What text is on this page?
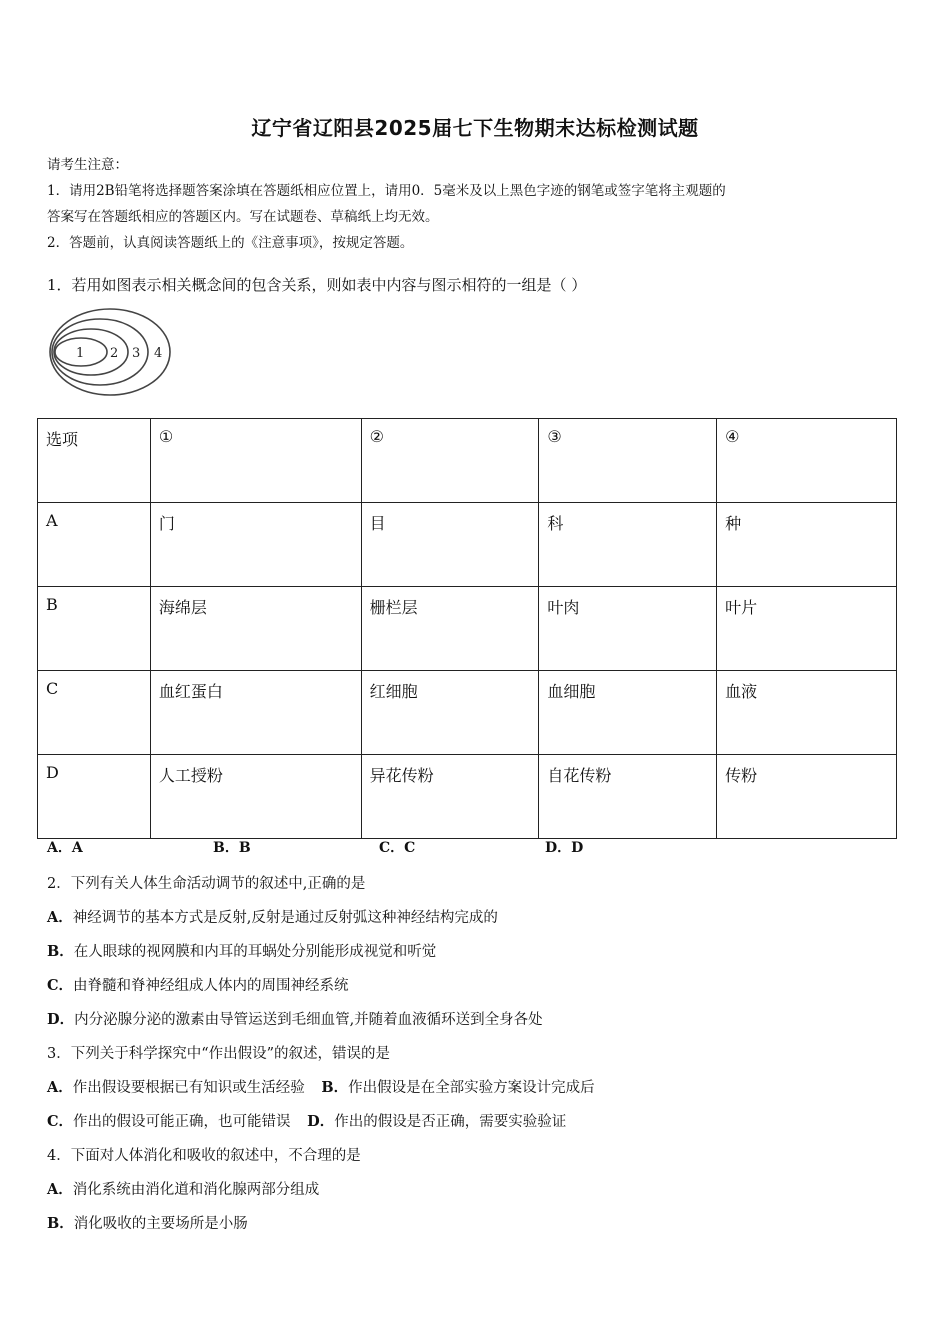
辽宁省辽阳县2025届七下生物期末达标检测试题

请考生注意：

1．请用2B铅笔将选择题答案涂填在答题纸相应位置上，请用0．5毫米及以上黑色字迹的钢笔或签字笔将主观题的

答案写在答题纸相应的答题区内。写在试题卷、草稿纸上均无效。

2．答题前，认真阅读答题纸上的《注意事项》，按规定答题。

1．若用如图表示相关概念间的包含关系，则如表中内容与图示相符的一组是（ ）
1 2 3 4
选项	①	②	③	④
A	门	目	科	种
B	海绵层	栅栏层	叶肉	叶片
C	血红蛋白	红细胞	血细胞	血液
D	人工授粉	异花传粉	自花传粉	传粉
A．A	B．B	C．C	D．D
2．下列有关人体生命活动调节的叙述中,正确的是
A．神经调节的基本方式是反射,反射是通过反射弧这种神经结构完成的
B．在人眼球的视网膜和内耳的耳蜗处分别能形成视觉和听觉
C．由脊髓和脊神经组成人体内的周围神经系统
D．内分泌腺分泌的激素由导管运送到毛细血管,并随着血液循环送到全身各处
3．下列关于科学探究中“作出假设”的叙述，错误的是
A．作出假设要根据已有知识或生活经验 B．作出假设是在全部实验方案设计完成后
C．作出的假设可能正确，也可能错误 D．作出的假设是否正确，需要实验验证
4．下面对人体消化和吸收的叙述中，不合理的是
A．消化系统由消化道和消化腺两部分组成
B．消化吸收的主要场所是小肠
